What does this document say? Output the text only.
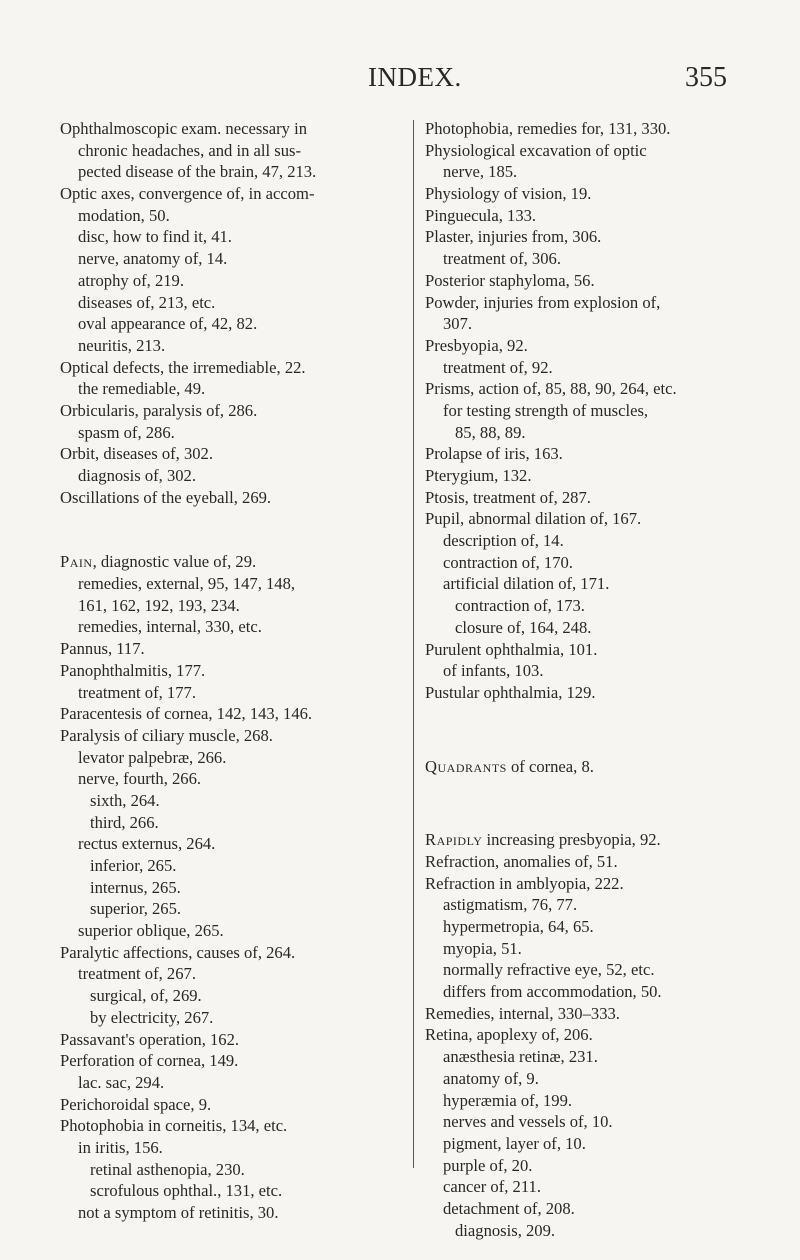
INDEX.	355
Ophthalmoscopic exam. necessary in
chronic headaches, and in all sus-
pected disease of the brain, 47, 213.
Optic axes, convergence of, in accom-
modation, 50.
disc, how to find it, 41.
nerve, anatomy of, 14.
atrophy of, 219.
diseases of, 213, etc.
oval appearance of, 42, 82.
neuritis, 213.
Optical defects, the irremediable, 22.
the remediable, 49.
Orbicularis, paralysis of, 286.
spasm of, 286.
Orbit, diseases of, 302.
diagnosis of, 302.
Oscillations of the eyeball, 269.
Pain, diagnostic value of, 29.
remedies, external, 95, 147, 148,
161, 162, 192, 193, 234.
remedies, internal, 330, etc.
Pannus, 117.
Panophthalmitis, 177.
treatment of, 177.
Paracentesis of cornea, 142, 143, 146.
Paralysis of ciliary muscle, 268.
levator palpebræ, 266.
nerve, fourth, 266.
sixth, 264.
third, 266.
rectus externus, 264.
inferior, 265.
internus, 265.
superior, 265.
superior oblique, 265.
Paralytic affections, causes of, 264.
treatment of, 267.
surgical, of, 269.
by electricity, 267.
Passavant's operation, 162.
Perforation of cornea, 149.
lac. sac, 294.
Perichoroidal space, 9.
Photophobia in corneitis, 134, etc.
in iritis, 156.
retinal asthenopia, 230.
scrofulous ophthal., 131, etc.
not a symptom of retinitis, 30.
Photophobia, remedies for, 131, 330.
Physiological excavation of optic
nerve, 185.
Physiology of vision, 19.
Pinguecula, 133.
Plaster, injuries from, 306.
treatment of, 306.
Posterior staphyloma, 56.
Powder, injuries from explosion of,
307.
Presbyopia, 92.
treatment of, 92.
Prisms, action of, 85, 88, 90, 264, etc.
for testing strength of muscles,
85, 88, 89.
Prolapse of iris, 163.
Pterygium, 132.
Ptosis, treatment of, 287.
Pupil, abnormal dilation of, 167.
description of, 14.
contraction of, 170.
artificial dilation of, 171.
contraction of, 173.
closure of, 164, 248.
Purulent ophthalmia, 101.
of infants, 103.
Pustular ophthalmia, 129.
Quadrants of cornea, 8.
Rapidly increasing presbyopia, 92.
Refraction, anomalies of, 51.
Refraction in amblyopia, 222.
astigmatism, 76, 77.
hypermetropia, 64, 65.
myopia, 51.
normally refractive eye, 52, etc.
differs from accommodation, 50.
Remedies, internal, 330–333.
Retina, apoplexy of, 206.
anæsthesia retinæ, 231.
anatomy of, 9.
hyperæmia of, 199.
nerves and vessels of, 10.
pigment, layer of, 10.
purple of, 20.
cancer of, 211.
detachment of, 208.
diagnosis, 209.
